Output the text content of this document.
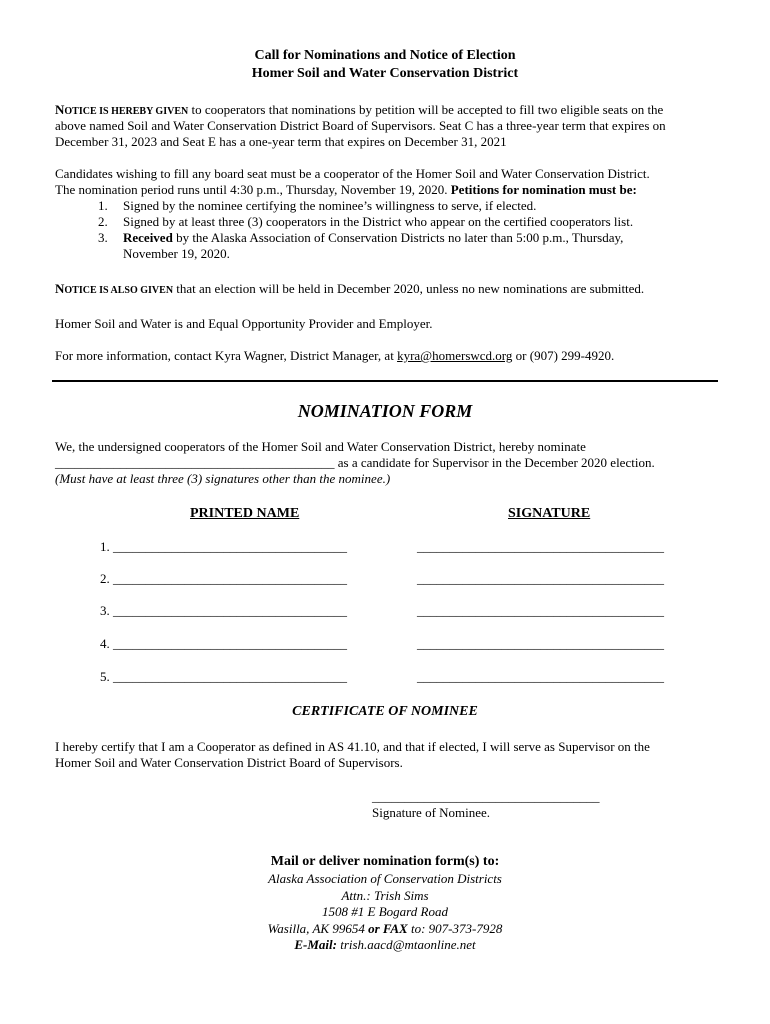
Call for Nominations and Notice of Election
Homer Soil and Water Conservation District
NOTICE IS HEREBY GIVEN to cooperators that nominations by petition will be accepted to fill two eligible seats on the
above named Soil and Water Conservation District Board of Supervisors. Seat C has a three-year term that expires on
December 31, 2023 and Seat E has a one-year term that expires on December 31, 2021
Candidates wishing to fill any board seat must be a cooperator of the Homer Soil and Water Conservation District.
The nomination period runs until 4:30 p.m., Thursday, November 19, 2020. Petitions for nomination must be:
1.	Signed by the nominee certifying the nominee’s willingness to serve, if elected.
2.	Signed by at least three (3) cooperators in the District who appear on the certified cooperators list.
3.	Received by the Alaska Association of Conservation Districts no later than 5:00 p.m., Thursday,
November 19, 2020.
NOTICE IS ALSO GIVEN that an election will be held in December 2020, unless no new nominations are submitted.
Homer Soil and Water is and Equal Opportunity Provider and Employer.
For more information, contact Kyra Wagner, District Manager, at kyra@homerswcd.org or (907) 299-4920.
NOMINATION FORM
We, the undersigned cooperators of the Homer Soil and Water Conservation District, hereby nominate
___________________________________________ as a candidate for Supervisor in the December 2020 election.
(Must have at least three (3) signatures other than the nominee.)
PRINTED NAME	SIGNATURE
1. ____________________________________	______________________________________
2. ____________________________________	______________________________________
3. ____________________________________	______________________________________
4. ____________________________________	______________________________________
5. ____________________________________	______________________________________
CERTIFICATE OF NOMINEE
I hereby certify that I am a Cooperator as defined in AS 41.10, and that if elected, I will serve as Supervisor on the
Homer Soil and Water Conservation District Board of Supervisors.
___________________________________
Signature of Nominee.
Mail or deliver nomination form(s) to:
Alaska Association of Conservation Districts
Attn.: Trish Sims
1508 #1 E Bogard Road
Wasilla, AK 99654 or FAX to: 907-373-7928
E-Mail: trish.aacd@mtaonline.net
